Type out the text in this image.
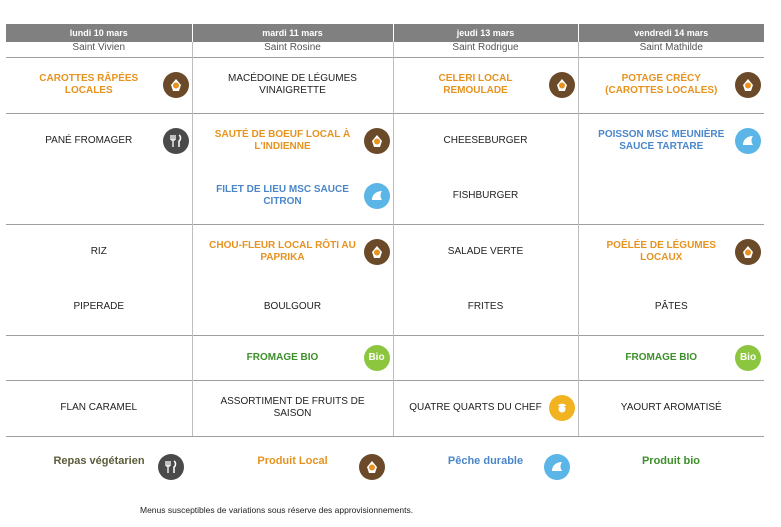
lundi 10 mars	mardi 11 mars	jeudi 13 mars	vendredi 14 mars
Saint Vivien	Saint Rosine	Saint Rodrigue	Saint Mathilde

CAROTTES RÂPÉES LOCALES	MACÉDOINE DE LÉGUMES VINAIGRETTE	CELERI LOCAL REMOULADE	POTAGE CRÉCY (CAROTTES LOCALES)

PANÉ FROMAGER	SAUTÉ DE BOEUF LOCAL À L'INDIENNE	CHEESEBURGER	POISSON MSC MEUNIÈRE SAUCE TARTARE

	FILET DE LIEU MSC SAUCE CITRON	FISHBURGER	

RIZ	CHOU-FLEUR LOCAL RÔTI AU PAPRIKA	SALADE VERTE	POÊLÉE DE LÉGUMES LOCAUX

PIPERADE	BOULGOUR	FRITES	PÂTES

	FROMAGE BIO Bio		FROMAGE BIO Bio

FLAN CARAMEL	ASSORTIMENT DE FRUITS DE SAISON	QUATRE QUARTS DU CHEF	YAOURT AROMATISÉ
Repas végétarien	Produit Local	Pêche durable	Produit bio
Menus susceptibles de variations sous réserve des approvisionnements.
